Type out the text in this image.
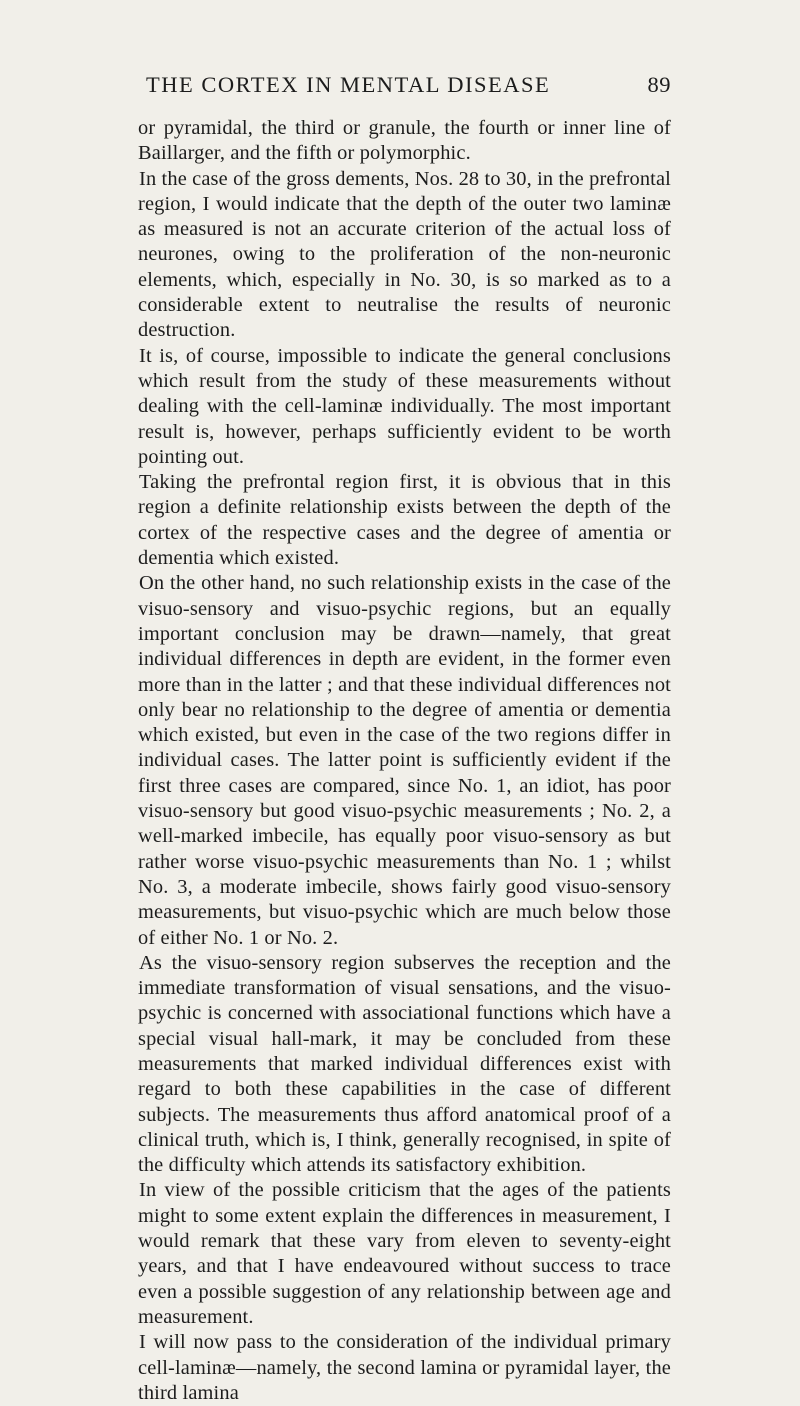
THE CORTEX IN MENTAL DISEASE	89

or pyramidal, the third or granule, the fourth or inner line of Baillarger, and the fifth or polymorphic.

In the case of the gross dements, Nos. 28 to 30, in the prefrontal region, I would indicate that the depth of the outer two laminæ as measured is not an accurate criterion of the actual loss of neurones, owing to the proliferation of the non-neuronic elements, which, especially in No. 30, is so marked as to a considerable extent to neutralise the results of neuronic destruction.

It is, of course, impossible to indicate the general conclusions which result from the study of these measurements without dealing with the cell-laminæ individually. The most important result is, however, perhaps sufficiently evident to be worth pointing out.

Taking the prefrontal region first, it is obvious that in this region a definite relationship exists between the depth of the cortex of the respective cases and the degree of amentia or dementia which existed.

On the other hand, no such relationship exists in the case of the visuo-sensory and visuo-psychic regions, but an equally important conclusion may be drawn—namely, that great individual differences in depth are evident, in the former even more than in the latter ; and that these individual differences not only bear no relationship to the degree of amentia or dementia which existed, but even in the case of the two regions differ in individual cases. The latter point is sufficiently evident if the first three cases are compared, since No. 1, an idiot, has poor visuo-sensory but good visuo-psychic measurements ; No. 2, a well-marked imbecile, has equally poor visuo-sensory as but rather worse visuo-psychic measurements than No. 1 ; whilst No. 3, a moderate imbecile, shows fairly good visuo-sensory measurements, but visuo-psychic which are much below those of either No. 1 or No. 2.

As the visuo-sensory region subserves the reception and the immediate transformation of visual sensations, and the visuo-psychic is concerned with associational functions which have a special visual hall-mark, it may be concluded from these measurements that marked individual differences exist with regard to both these capabilities in the case of different subjects. The measurements thus afford anatomical proof of a clinical truth, which is, I think, generally recognised, in spite of the difficulty which attends its satisfactory exhibition.

In view of the possible criticism that the ages of the patients might to some extent explain the differences in measurement, I would remark that these vary from eleven to seventy-eight years, and that I have endeavoured without success to trace even a possible suggestion of any relationship between age and measurement.

I will now pass to the consideration of the individual primary cell-laminæ—namely, the second lamina or pyramidal layer, the third lamina
